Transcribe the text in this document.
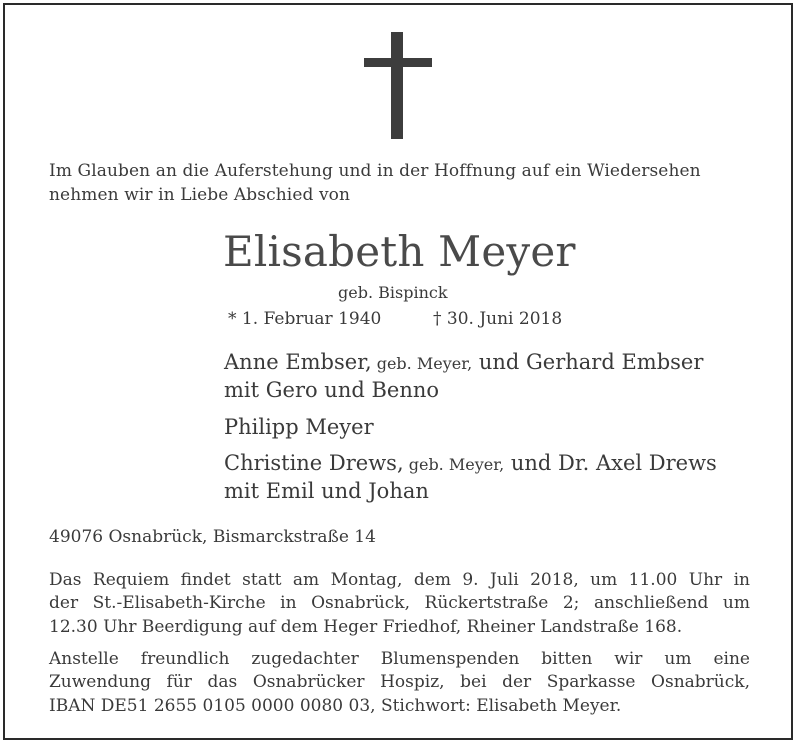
Im Glauben an die Auferstehung und in der Hoffnung auf ein Wiedersehen
nehmen wir in Liebe Abschied von
Elisabeth Meyer
geb. Bispinck
* 1. Februar 1940	† 30. Juni 2018
Anne Embser, geb. Meyer, und Gerhard Embser
mit Gero und Benno
Philipp Meyer
Christine Drews, geb. Meyer, und Dr. Axel Drews
mit Emil und Johan
49076 Osnabrück, Bismarckstraße 14
Das Requiem findet statt am Montag, dem 9. Juli 2018, um 11.00 Uhr in
der St.-Elisabeth-Kirche in Osnabrück, Rückertstraße 2; anschließend um
12.30 Uhr Beerdigung auf dem Heger Friedhof, Rheiner Landstraße 168.
Anstelle freundlich zugedachter Blumenspenden bitten wir um eine
Zuwendung für das Osnabrücker Hospiz, bei der Sparkasse Osnabrück,
IBAN DE51 2655 0105 0000 0080 03, Stichwort: Elisabeth Meyer.
